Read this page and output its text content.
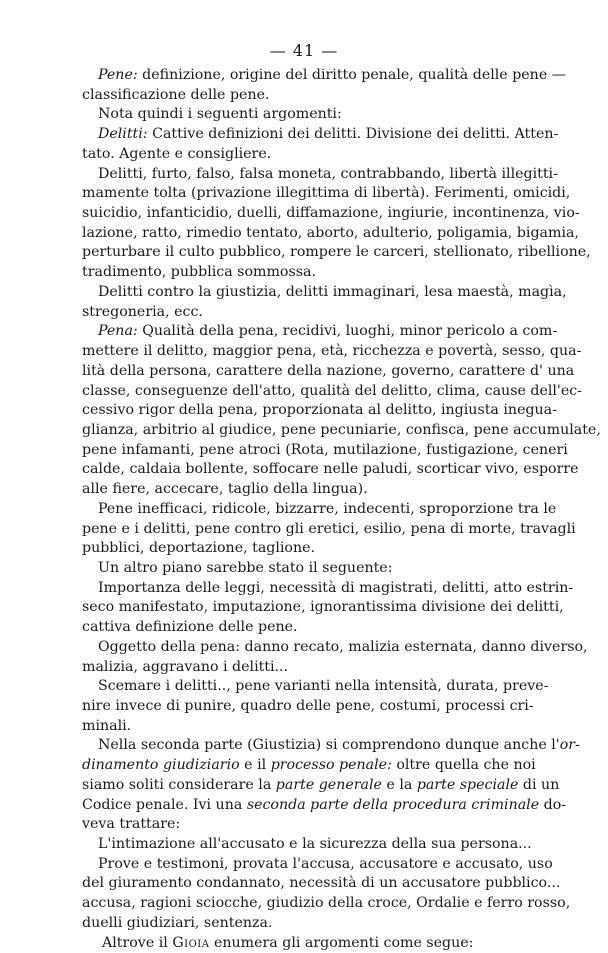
— 41 —
Pene: definizione, origine del diritto penale, qualità delle pene —
classificazione delle pene.
Nota quindi i seguenti argomenti:
Delitti: Cattive definizioni dei delitti. Divisione dei delitti. Atten-
tato. Agente e consigliere.
Delitti, furto, falso, falsa moneta, contrabbando, libertà illegitti-
mamente tolta (privazione illegittima di libertà). Ferimenti, omicidi,
suicidio, infanticidio, duelli, diffamazione, ingiurie, incontinenza, vio-
lazione, ratto, rimedio tentato, aborto, adulterio, poligamia, bigamia,
perturbare il culto pubblico, rompere le carceri, stellionato, ribellione,
tradimento, pubblica sommossa.
Delitti contro la giustizia, delitti immaginari, lesa maestà, magìa,
stregoneria, ecc.
Pena: Qualità della pena, recidivi, luoghi, minor pericolo a com-
mettere il delitto, maggior pena, età, ricchezza e povertà, sesso, qua-
lità della persona, carattere della nazione, governo, carattere d' una
classe, conseguenze dell'atto, qualità del delitto, clima, cause dell'ec-
cessivo rigor della pena, proporzionata al delitto, ingiusta ineguа-
glianza, arbitrio al giudice, pene pecuniarie, confisca, pene accumulate,
pene infamanti, pene atroci (Rota, mutilazione, fustigazione, ceneri
calde, caldaia bollente, soffocare nelle paludi, scorticar vivo, esporre
alle fiere, accecare, taglio della lingua).
Pene inefficaci, ridicole, bizzarre, indecenti, sproporzione tra le
pene e i delitti, pene contro gli eretici, esilio, pena di morte, travagli
pubblici, deportazione, taglione.
Un altro piano sarebbe stato il seguente:
Importanza delle leggi, necessità di magistrati, delitti, atto estrin-
seco manifestato, imputazione, ignorantissima divisione dei delitti,
cattiva definizione delle pene.
Oggetto della pena: danno recato, malizia esternata, danno diverso,
malizia, aggravano i delitti...
Scemare i delitti.., pene varianti nella intensità, durata, preve-
nire invece di punire, quadro delle pene, costumi, processi cri-
minali.
Nella seconda parte (Giustizia) si comprendono dunque anche l'or-
dinamento giudiziario e il processo penale: oltre quella che noi
siamo soliti considerare la parte generale e la parte speciale di un
Codice penale. Ivi una seconda parte della procedura criminale do-
veva trattare:
L'intimazione all'accusato e la sicurezza della sua persona...
Prove e testimoni, provata l'accusa, accusatore e accusato, uso
del giuramento condannato, necessità di un accusatore pubblico...
accusa, ragioni sciocche, giudizio della croce, Ordalie e ferro rosso,
duelli giudiziari, sentenza.
Altrove il Gioia enumera gli argomenti come segue:
